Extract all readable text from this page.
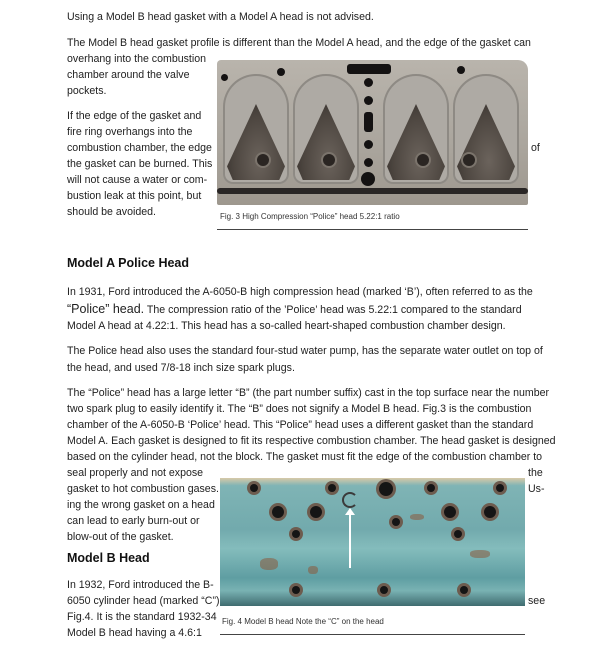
Using a Model B head gasket with a Model A head is not advised.
The Model B head gasket profile is different than the Model A head, and the edge of the gasket can
overhang into the combustion
chamber around the valve
pockets.
If the edge of the gasket and
fire ring overhangs into the
combustion chamber, the edge
the gasket can be burned. This
will not cause a water or com-
bustion leak at this point, but
should be avoided.
of
Fig. 3 High Compression “Police” head 5.22:1 ratio
Model A Police Head
In 1931, Ford introduced the A-6050-B high compression head (marked ‘B’), often referred to as the
“Police” head. The compression ratio of the ’Police’ head was 5.22:1 compared to the standard
Model A head at 4.22:1. This head has a so-called heart-shaped combustion chamber design.
The Police head also uses the standard four-stud water pump, has the separate water outlet on top of
the head, and used 7/8-18 inch size spark plugs.
The “Police” head has a large letter “B” (the part number suffix) cast in the top surface near the number
two spark plug to easily identify it. The “B” does not signify a Model B head. Fig.3 is the combustion
chamber of the A-6050-B ‘Police’ head. This “Police” head uses a different gasket than the standard
Model A. Each gasket is designed to fit its respective combustion chamber. The head gasket is designed
based on the cylinder head, not the block. The gasket must fit the edge of the combustion chamber to
seal properly and not expose
gasket to hot combustion gases.
ing the wrong gasket on a head
can lead to early burn-out or
blow-out of the gasket.
the
Us-
Fig. 4 Model B head Note the “C” on the head
Model B Head
In 1932, Ford introduced the B-
6050 cylinder head (marked “C”)
Fig.4. It is the standard 1932-34
Model B head having a 4.6:1
see
